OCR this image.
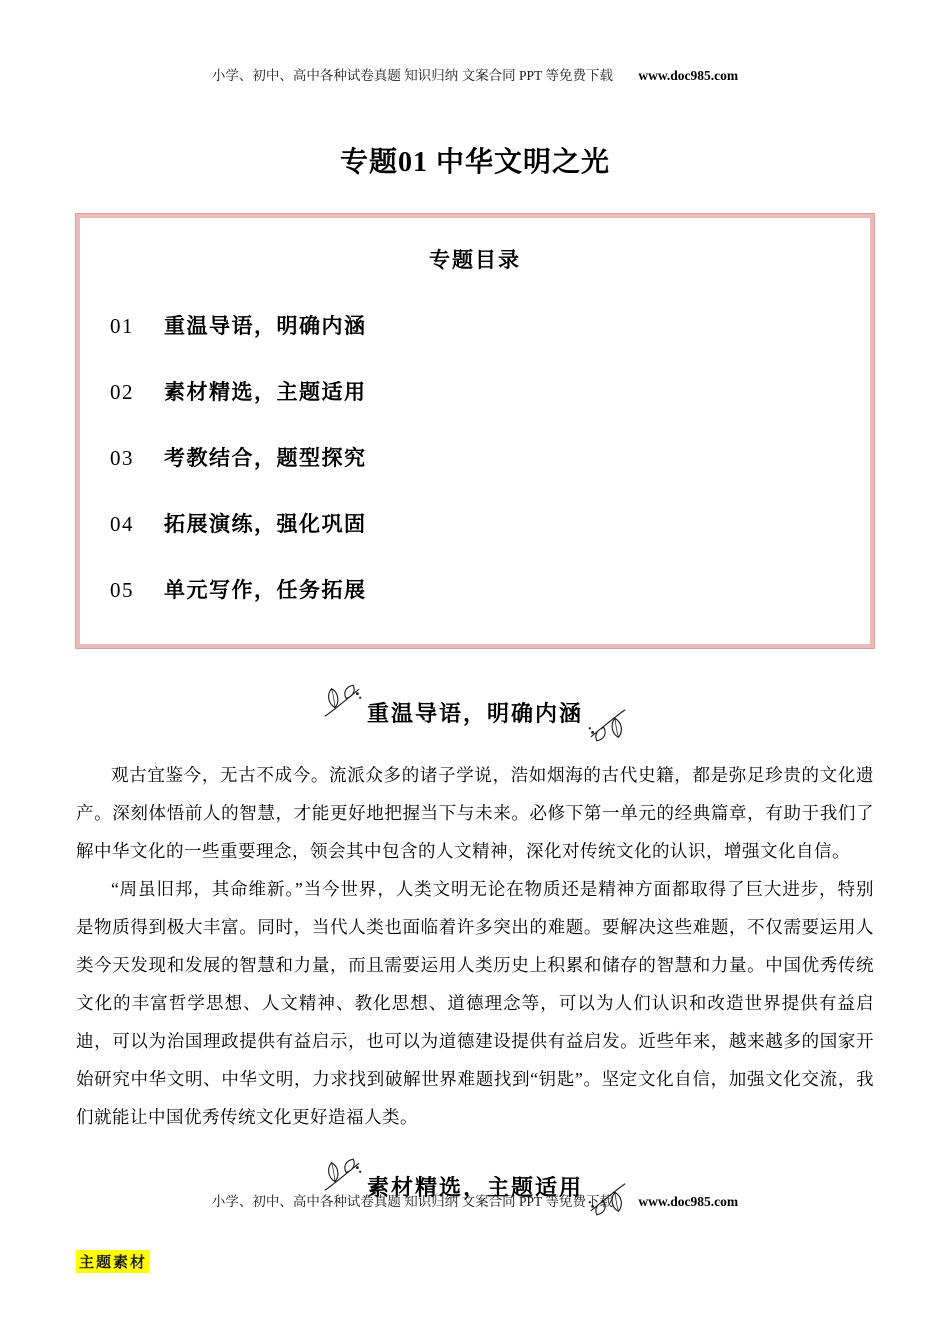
小学、初中、高中各种试卷真题 知识归纳 文案合同 PPT 等免费下载 www.doc985.com
专题01 中华文明之光
专题目录
01 重温导语，明确内涵
02 素材精选，主题适用
03 考教结合，题型探究
04 拓展演练，强化巩固
05 单元写作，任务拓展
重温导语，明确内涵

观古宜鉴今，无古不成今。流派众多的诸子学说，浩如烟海的古代史籍，都是弥足珍贵的文化遗产。深刻体悟前人的智慧，才能更好地把握当下与未来。必修下第一单元的经典篇章，有助于我们了解中华文化的一些重要理念，领会其中包含的人文精神，深化对传统文化的认识，增强文化自信。

“周虽旧邦，其命维新。”当今世界，人类文明无论在物质还是精神方面都取得了巨大进步，特别是物质得到极大丰富。同时，当代人类也面临着许多突出的难题。要解决这些难题，不仅需要运用人类今天发现和发展的智慧和力量，而且需要运用人类历史上积累和储存的智慧和力量。中国优秀传统文化的丰富哲学思想、人文精神、教化思想、道德理念等，可以为人们认识和改造世界提供有益启迪，可以为治国理政提供有益启示，也可以为道德建设提供有益启发。近些年来，越来越多的国家开始研究中华文明、中华文明，力求找到破解世界难题找到“钥匙”。坚定文化自信，加强文化交流，我们就能让中国优秀传统文化更好造福人类。

素材精选，主题适用
主题素材
小学、初中、高中各种试卷真题 知识归纳 文案合同 PPT 等免费下载 www.doc985.com
